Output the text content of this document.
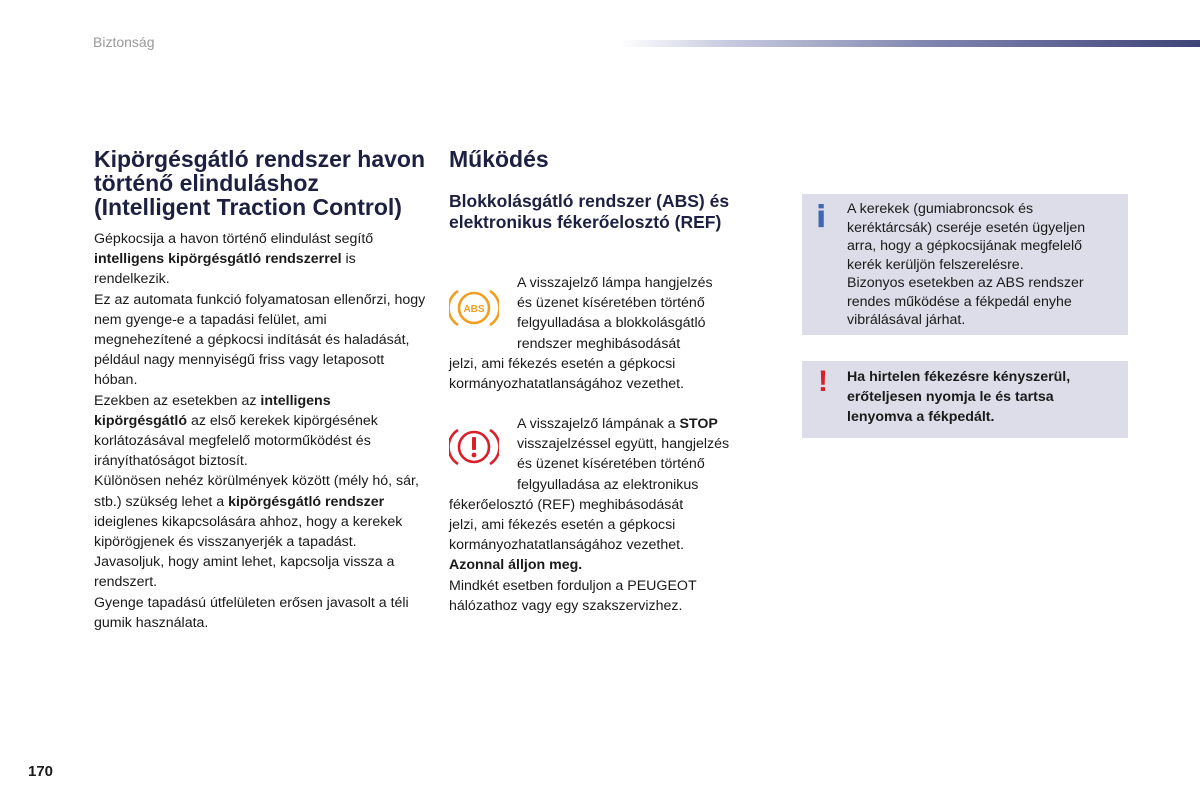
Biztonság
Kipörgésgátló rendszer havon történő elinduláshoz (Intelligent Traction Control)

Gépkocsija a havon történő elindulást segítő intelligens kipörgésgátló rendszerrel is rendelkezik.

Ez az automata funkció folyamatosan ellenőrzi, hogy nem gyenge-e a tapadási felület, ami megnehezítené a gépkocsi indítását és haladását, például nagy mennyiségű friss vagy letaposott hóban.

Ezekben az esetekben az intelligens kipörgésgátló az első kerekek kipörgésének korlátozásával megfelelő motorműködést és irányíthatóságot biztosít.

Különösen nehéz körülmények között (mély hó, sár, stb.) szükség lehet a kipörgésgátló rendszer ideiglenes kikapcsolására ahhoz, hogy a kerekek kipörögjenek és visszanyerjék a tapadást.

Javasoljuk, hogy amint lehet, kapcsolja vissza a rendszert.

Gyenge tapadású útfelületen erősen javasolt a téli gumik használata.

Működés
Blokkolásgátló rendszer (ABS) és elektronikus fékerőelosztó (REF)
ABS
A visszajelző lámpa hangjelzés
és üzenet kíséretében történő
felgyulladása a blokkolásgátló
rendszer meghibásodását
jelzi, ami fékezés esetén a gépkocsi
kormányozhatatlanságához vezethet.
A visszajelző lámpának a STOP
visszajelzéssel együtt, hangjelzés
és üzenet kíséretében történő
felgyulladása az elektronikus
fékerőelosztó (REF) meghibásodását
jelzi, ami fékezés esetén a gépkocsi
kormányozhatatlanságához vezethet.
Azonnal álljon meg.
Mindkét esetben forduljon a PEUGEOT
hálózathoz vagy egy szakszervizhez.
i A kerekek (gumiabroncsok és
keréktárcsák) cseréje esetén ügyeljen
arra, hogy a gépkocsijának megfelelő
kerék kerüljön felszerelésre.
Bizonyos esetekben az ABS rendszer
rendes működése a fékpedál enyhe
vibrálásával járhat.
! Ha hirtelen fékezésre kényszerül,
erőteljesen nyomja le és tartsa
lenyomva a fékpedált.
170
